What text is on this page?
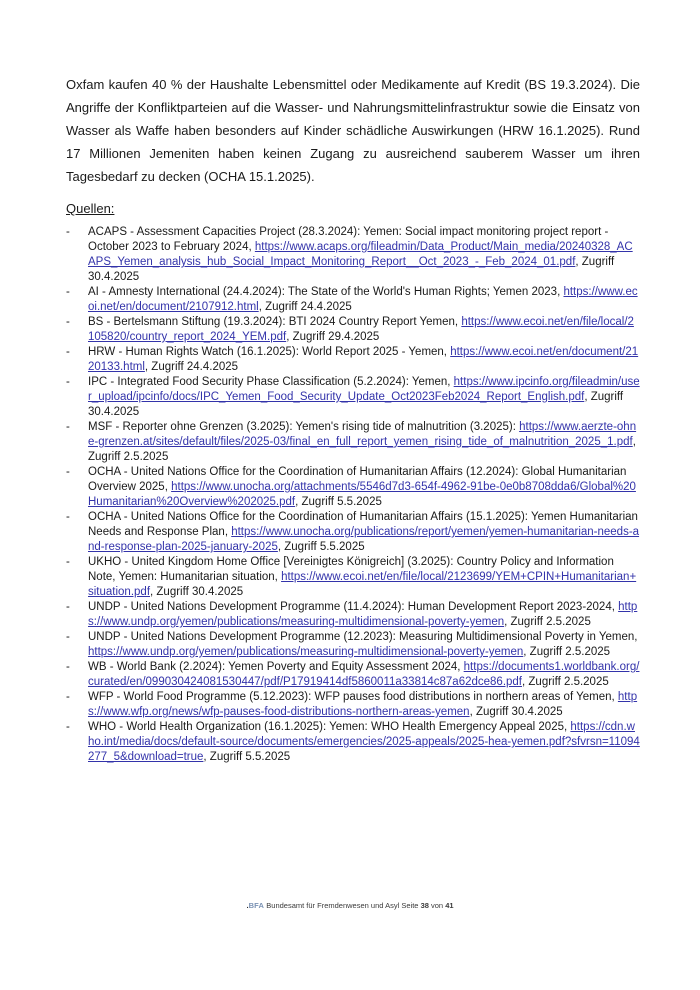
Oxfam kaufen 40 % der Haushalte Lebensmittel oder Medikamente auf Kredit (BS 19.3.2024). Die Angriffe der Konfliktparteien auf die Wasser- und Nahrungsmittelinfrastruktur sowie die Einsatz von Wasser als Waffe haben besonders auf Kinder schädliche Auswirkungen (HRW 16.1.2025). Rund 17 Millionen Jemeniten haben keinen Zugang zu ausreichend sauberem Wasser um ihren Tagesbedarf zu decken (OCHA 15.1.2025).

Quellen:
-	ACAPS - Assessment Capacities Project (28.3.2024): Yemen: Social impact monitoring project report - October 2023 to February 2024, https://www.acaps.org/fileadmin/Data_Product/Main_media/20240328_ACAPS_Yemen_analysis_hub_Social_Impact_Monitoring_Report__Oct_2023_-_Feb_2024_01.pdf, Zugriff 30.4.2025
-	AI - Amnesty International (24.4.2024): The State of the World's Human Rights; Yemen 2023, https://www.ecoi.net/en/document/2107912.html, Zugriff 24.4.2025
-	BS - Bertelsmann Stiftung (19.3.2024): BTI 2024 Country Report Yemen, https://www.ecoi.net/en/file/local/2105820/country_report_2024_YEM.pdf, Zugriff 29.4.2025
-	HRW - Human Rights Watch (16.1.2025): World Report 2025 - Yemen, https://www.ecoi.net/en/document/2120133.html, Zugriff 24.4.2025
-	IPC - Integrated Food Security Phase Classification (5.2.2024): Yemen, https://www.ipcinfo.org/fileadmin/user_upload/ipcinfo/docs/IPC_Yemen_Food_Security_Update_Oct2023Feb2024_Report_English.pdf, Zugriff 30.4.2025
-	MSF - Reporter ohne Grenzen (3.2025): Yemen's rising tide of malnutrition (3.2025): https://www.aerzte-ohne-grenzen.at/sites/default/files/2025-03/final_en_full_report_yemen_rising_tide_of_malnutrition_2025_1.pdf, Zugriff 2.5.2025
-	OCHA - United Nations Office for the Coordination of Humanitarian Affairs (12.2024): Global Humanitarian Overview 2025, https://www.unocha.org/attachments/5546d7d3-654f-4962-91be-0e0b8708dda6/Global%20Humanitarian%20Overview%202025.pdf, Zugriff 5.5.2025
-	OCHA - United Nations Office for the Coordination of Humanitarian Affairs (15.1.2025): Yemen Humanitarian Needs and Response Plan, https://www.unocha.org/publications/report/yemen/yemen-humanitarian-needs-and-response-plan-2025-january-2025, Zugriff 5.5.2025
-	UKHO - United Kingdom Home Office [Vereinigtes Königreich] (3.2025): Country Policy and Information Note, Yemen: Humanitarian situation, https://www.ecoi.net/en/file/local/2123699/YEM+CPIN+Humanitarian+situation.pdf, Zugriff 30.4.2025
-	UNDP - United Nations Development Programme (11.4.2024): Human Development Report 2023-2024, https://www.undp.org/yemen/publications/measuring-multidimensional-poverty-yemen, Zugriff 2.5.2025
-	UNDP - United Nations Development Programme (12.2023): Measuring Multidimensional Poverty in Yemen, https://www.undp.org/yemen/publications/measuring-multidimensional-poverty-yemen, Zugriff 2.5.2025
-	WB - World Bank (2.2024): Yemen Poverty and Equity Assessment 2024, https://documents1.worldbank.org/curated/en/099030424081530447/pdf/P17919414df5860011a33814c87a62dce86.pdf, Zugriff 2.5.2025
-	WFP - World Food Programme (5.12.2023): WFP pauses food distributions in northern areas of Yemen, https://www.wfp.org/news/wfp-pauses-food-distributions-northern-areas-yemen, Zugriff 30.4.2025
-	WHO - World Health Organization (16.1.2025): Yemen: WHO Health Emergency Appeal 2025, https://cdn.who.int/media/docs/default-source/documents/emergencies/2025-appeals/2025-hea-yemen.pdf?sfvrsn=11094277_5&download=true, Zugriff 5.5.2025
.BFA Bundesamt für Fremdenwesen und Asyl Seite 38 von 41
